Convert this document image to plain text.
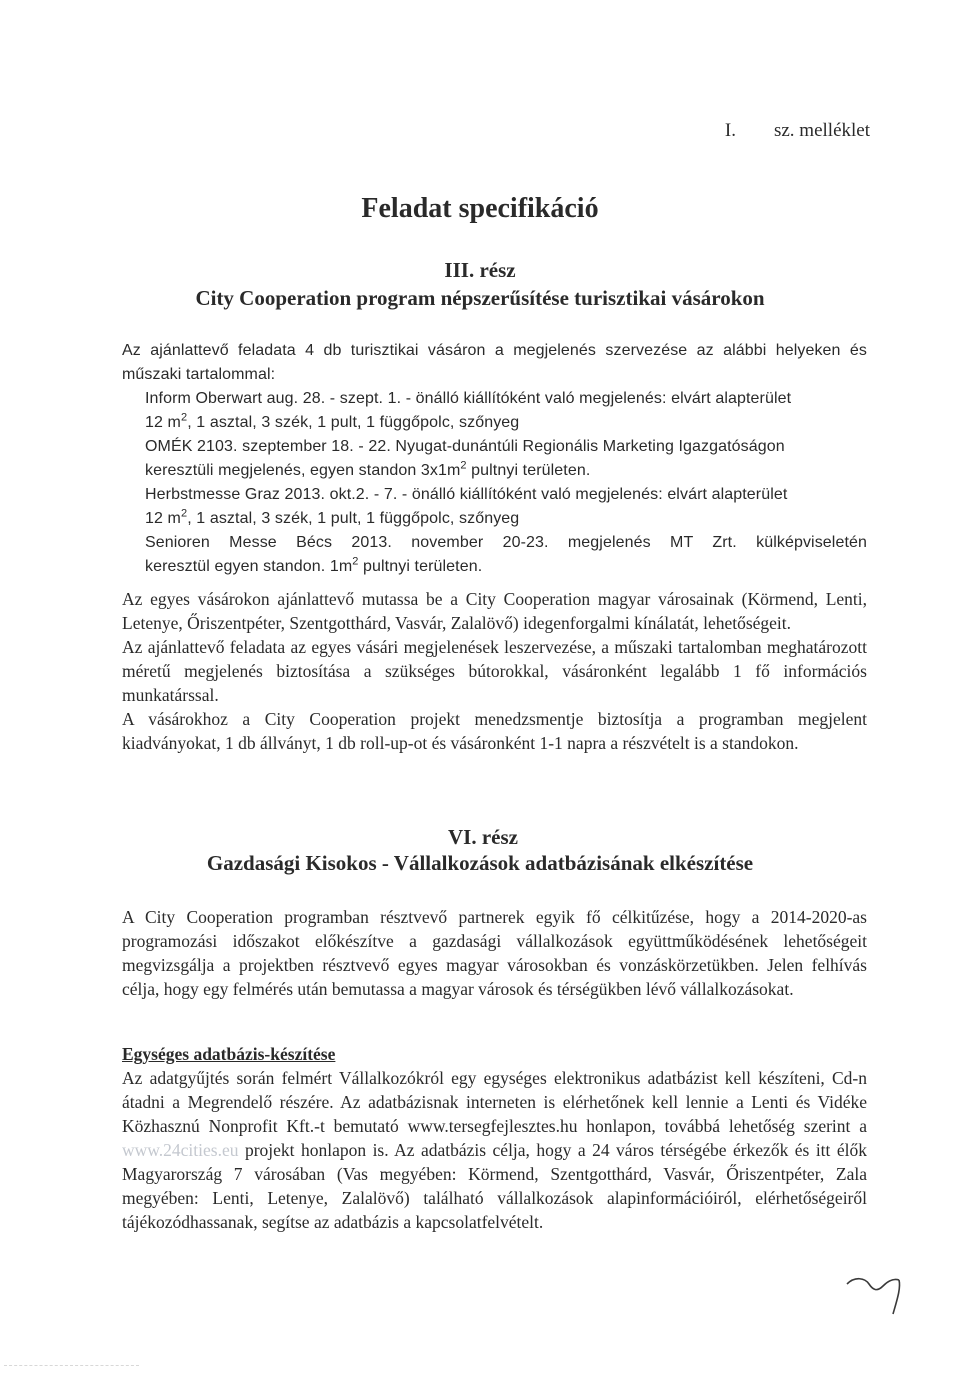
I. sz. melléklet
Feladat specifikáció
III. rész
City Cooperation program népszerűsítése turisztikai vásárokon
Az ajánlattevő feladata 4 db turisztikai vásáron a megjelenés szervezése az alábbi helyeken és műszaki tartalommal:
Inform Oberwart aug. 28. - szept. 1. - önálló kiállítóként való megjelenés: elvárt alapterület
12 $m^2$, 1 asztal, 3 szék, 1 pult, 1 függőpolc, szőnyeg
OMÉK 2103. szeptember 18. - 22. Nyugat-dunántúli Regionális Marketing Igazgatóságon
keresztüli megjelenés, egyen standon $3x1m^2$ pultnyi területen.
Herbstmesse Graz 2013. okt.2. - 7. - önálló kiállítóként való megjelenés: elvárt alapterület
12 $m^2$, 1 asztal, 3 szék, 1 pult, 1 függőpolc, szőnyeg
Senioren Messe Bécs 2013. november 20-23. megjelenés MT Zrt. külképviseletén
keresztül egyen standon. $1m^2$ pultnyi területen.
Az egyes vásárokon ajánlattevő mutassa be a City Cooperation magyar városainak (Körmend, Lenti, Letenye, Őriszentpéter, Szentgotthárd, Vasvár, Zalalövő) idegenforgalmi kínálatát, lehetőségeit.
Az ajánlattevő feladata az egyes vásári megjelenések leszervezése, a műszaki tartalomban meghatározott méretű megjelenés biztosítása a szükséges bútorokkal, vásáronként legalább 1 fő információs munkatárssal.
A vásárokhoz a City Cooperation projekt menedzsmentje biztosítja a programban megjelent kiadványokat, 1 db állványt, 1 db roll-up-ot és vásáronként 1-1 napra a részvételt is a standokon.
VI. rész
Gazdasági Kisokos - Vállalkozások adatbázisának elkészítése
A City Cooperation programban résztvevő partnerek egyik fő célkitűzése, hogy a 2014-2020-as programozási időszakot előkészítve a gazdasági vállalkozások együttműködésének lehetőségeit megvizsgálja a projektben résztvevő egyes magyar városokban és vonzáskörzetükben. Jelen felhívás célja, hogy egy felmérés után bemutassa a magyar városok és térségükben lévő vállalkozásokat.
Egységes adatbázis-készítése
Az adatgyűjtés során felmért Vállalkozókról egy egységes elektronikus adatbázist kell készíteni, Cd-n átadni a Megrendelő részére. Az adatbázisnak interneten is elérhetőnek kell lennie a Lenti és Vidéke Közhasznú Nonprofit Kft.-t bemutató www.tersegfejlesztes.hu honlapon, továbbá lehetőség szerint a www.24cities.eu projekt honlapon is. Az adatbázis célja, hogy a 24 város térségébe érkezők és itt élők Magyarország 7 városában (Vas megyében: Körmend, Szentgotthárd, Vasvár, Őriszentpéter, Zala megyében: Lenti, Letenye, Zalalövő) található vállalkozások alapinformációiról, elérhetőségeiről tájékozódhassanak, segítse az adatbázis a kapcsolatfelvételt.
